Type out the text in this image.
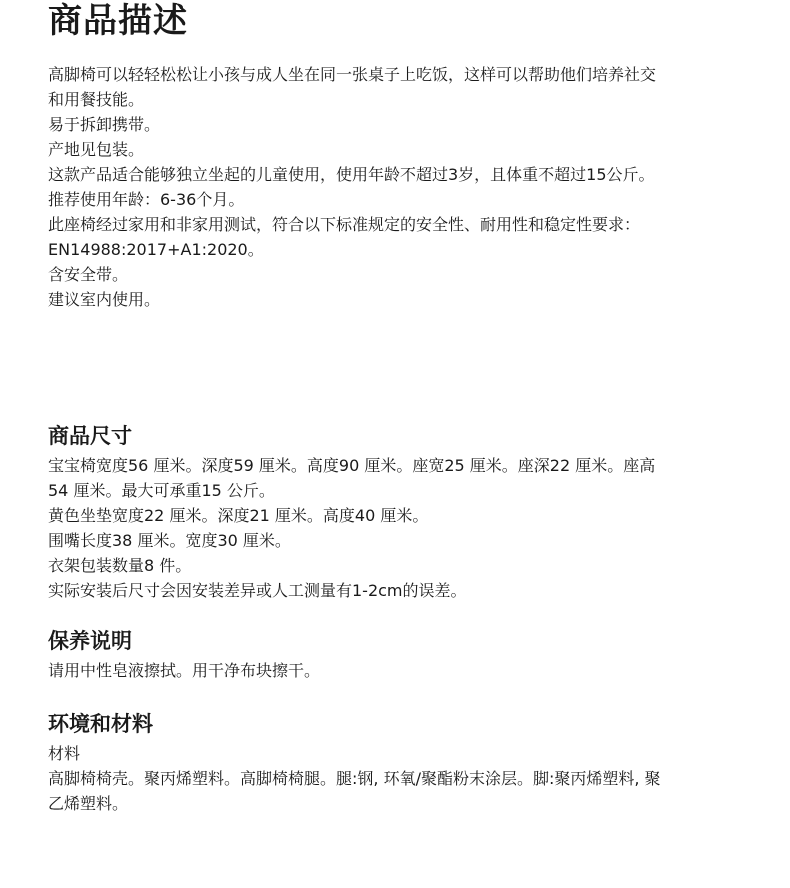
商品描述

高脚椅可以轻轻松松让小孩与成人坐在同一张桌子上吃饭，这样可以帮助他们培养社交

和用餐技能。

易于拆卸携带。

产地见包装。

这款产品适合能够独立坐起的儿童使用，使用年龄不超过3岁，且体重不超过15公斤。

推荐使用年龄：6-36个月。

此座椅经过家用和非家用测试，符合以下标准规定的安全性、耐用性和稳定性要求：

EN14988:2017+A1:2020。

含安全带。

建议室内使用。

商品尺寸

宝宝椅宽度56 厘米。深度59 厘米。高度90 厘米。座宽25 厘米。座深22 厘米。座高

54 厘米。最大可承重15 公斤。

黄色坐垫宽度22 厘米。深度21 厘米。高度40 厘米。

围嘴长度38 厘米。宽度30 厘米。

衣架包装数量8 件。

实际安装后尺寸会因安装差异或人工测量有1-2cm的误差。

保养说明

请用中性皂液擦拭。用干净布块擦干。

环境和材料

材料

高脚椅椅壳。聚丙烯塑料。高脚椅椅腿。腿:钢, 环氧/聚酯粉末涂层。脚:聚丙烯塑料, 聚

乙烯塑料。
